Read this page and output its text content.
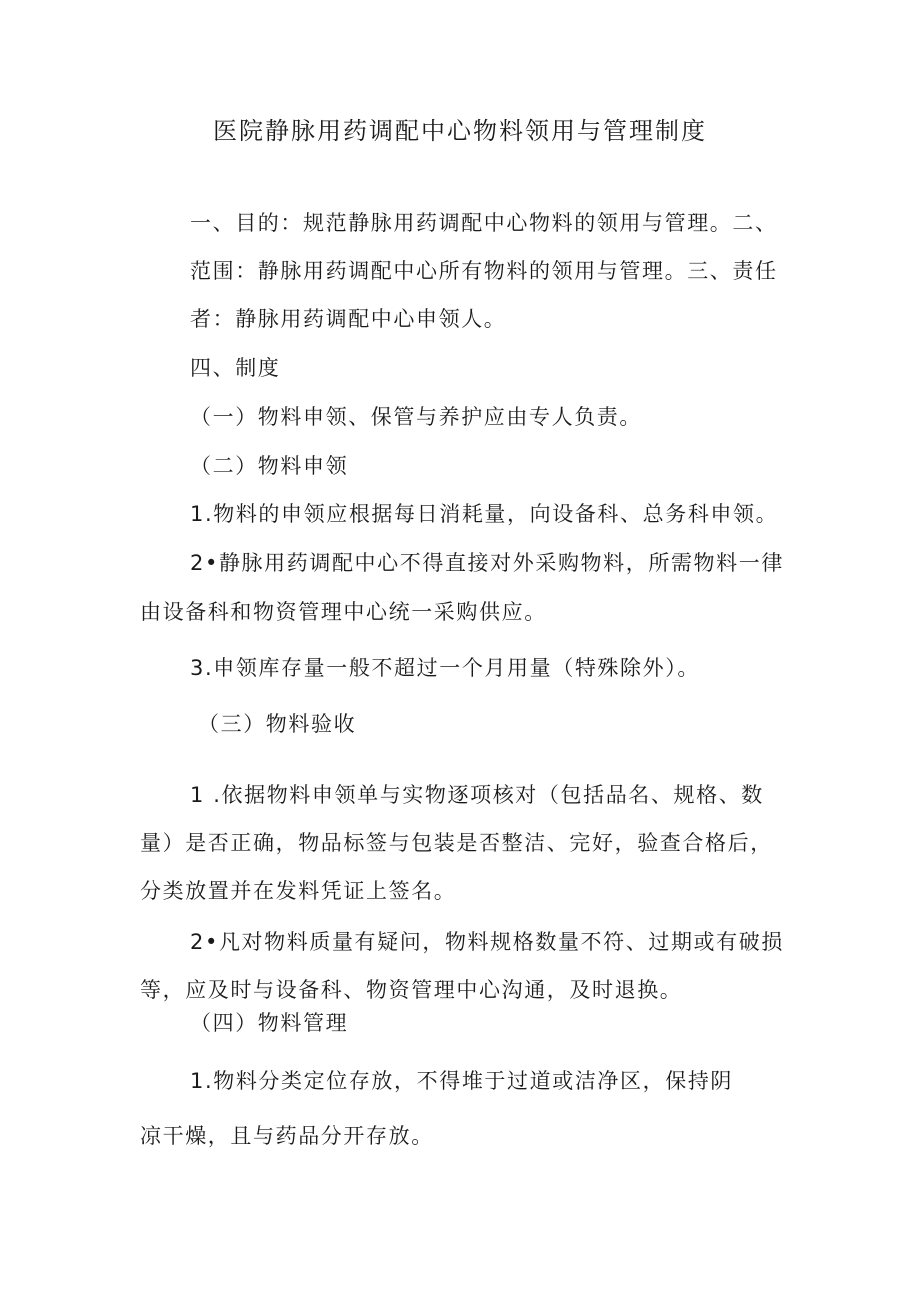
医院静脉用药调配中心物料领用与管理制度
一、目的：规范静脉用药调配中心物料的领用与管理。二、
范围：静脉用药调配中心所有物料的领用与管理。三、责任
者：静脉用药调配中心申领人。
四、制度
（一）物料申领、保管与养护应由专人负责。
（二）物料申领
1.物料的申领应根据每日消耗量，向设备科、总务科申领。
2•静脉用药调配中心不得直接对外采购物料，所需物料一律
由设备科和物资管理中心统一采购供应。
3.申领库存量一般不超过一个月用量（特殊除外）。
（三）物料验收
1 .依据物料申领单与实物逐项核对（包括品名、规格、数
量）是否正确，物品标签与包装是否整洁、完好，验查合格后，
分类放置并在发料凭证上签名。
2•凡对物料质量有疑问，物料规格数量不符、过期或有破损
等，应及时与设备科、物资管理中心沟通，及时退换。
（四）物料管理
1.物料分类定位存放，不得堆于过道或洁净区，保持阴
凉干燥，且与药品分开存放。
